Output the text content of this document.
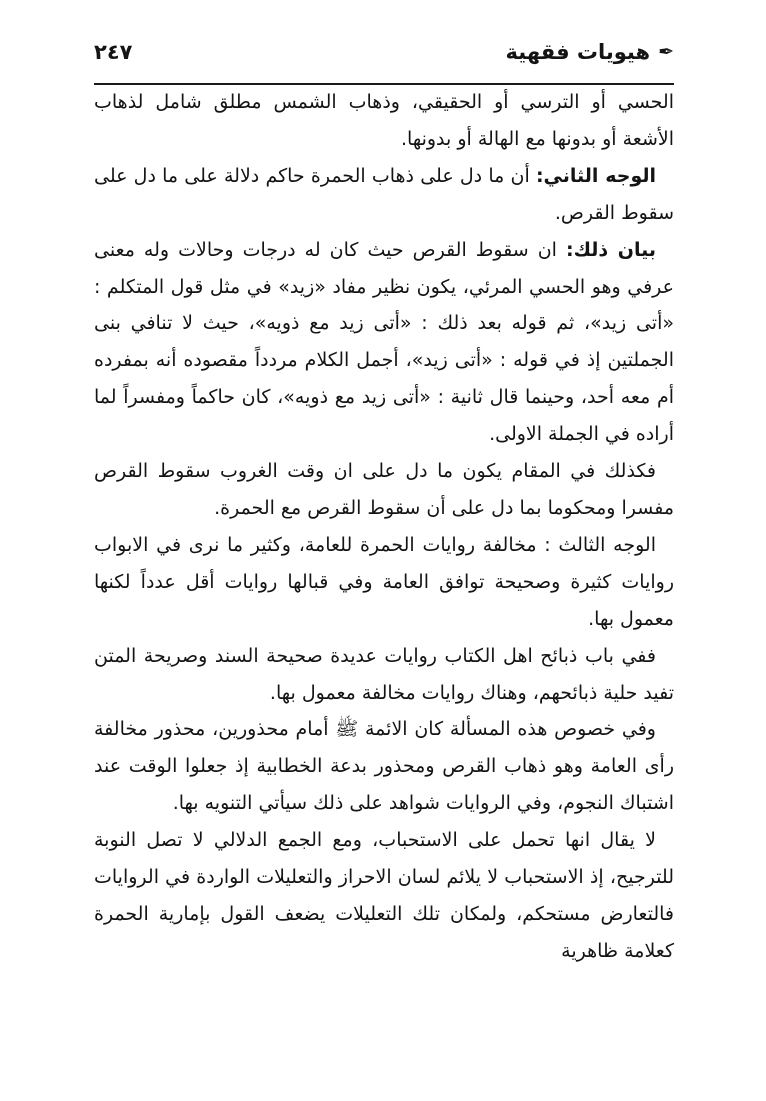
✒
هيويات فقهية
٢٤٧

الحسي أو الترسي أو الحقيقي، وذهاب الشمس مطلق شامل لذهاب الأشعة أو بدونها مع الهالة أو بدونها.

الوجه الثاني: أن ما دل على ذهاب الحمرة حاكم دلالة على ما دل على سقوط القرص.

بيان ذلك: ان سقوط القرص حيث كان له درجات وحالات وله معنى عرفي وهو الحسي المرئي، يكون نظير مفاد «زيد» في مثل قول المتكلم : «أتى زيد»، ثم قوله بعد ذلك : «أتى زيد مع ذويه»، حيث لا تنافي بنى الجملتين إذ في قوله : «أتى زيد»، أجمل الكلام مردداً مقصوده أنه بمفرده أم معه أحد، وحينما قال ثانية : «أتى زيد مع ذويه»، كان حاكماً ومفسراً لما أراده في الجملة الاولى.

فكذلك في المقام يكون ما دل على ان وقت الغروب سقوط القرص مفسرا ومحكوما بما دل على أن سقوط القرص مع الحمرة.

الوجه الثالث : مخالفة روايات الحمرة للعامة، وكثير ما نرى في الابواب روايات كثيرة وصحيحة توافق العامة وفي قبالها روايات أقل عدداً لكنها معمول بها.

ففي باب ذبائح اهل الكتاب روايات عديدة صحيحة السند وصريحة المتن تفيد حلية ذبائحهم، وهناك روايات مخالفة معمول بها.

وفي خصوص هذه المسألة كان الائمة ﷺ أمام محذورين، محذور مخالفة رأى العامة وهو ذهاب القرص ومحذور بدعة الخطابية إذ جعلوا الوقت عند اشتباك النجوم، وفي الروايات شواهد على ذلك سيأتي التنويه بها.

لا يقال انها تحمل على الاستحباب، ومع الجمع الدلالي لا تصل النوبة للترجيح، إذ الاستحباب لا يلائم لسان الاحراز والتعليلات الواردة في الروايات فالتعارض مستحكم، ولمكان تلك التعليلات يضعف القول بإمارية الحمرة كعلامة ظاهرية
